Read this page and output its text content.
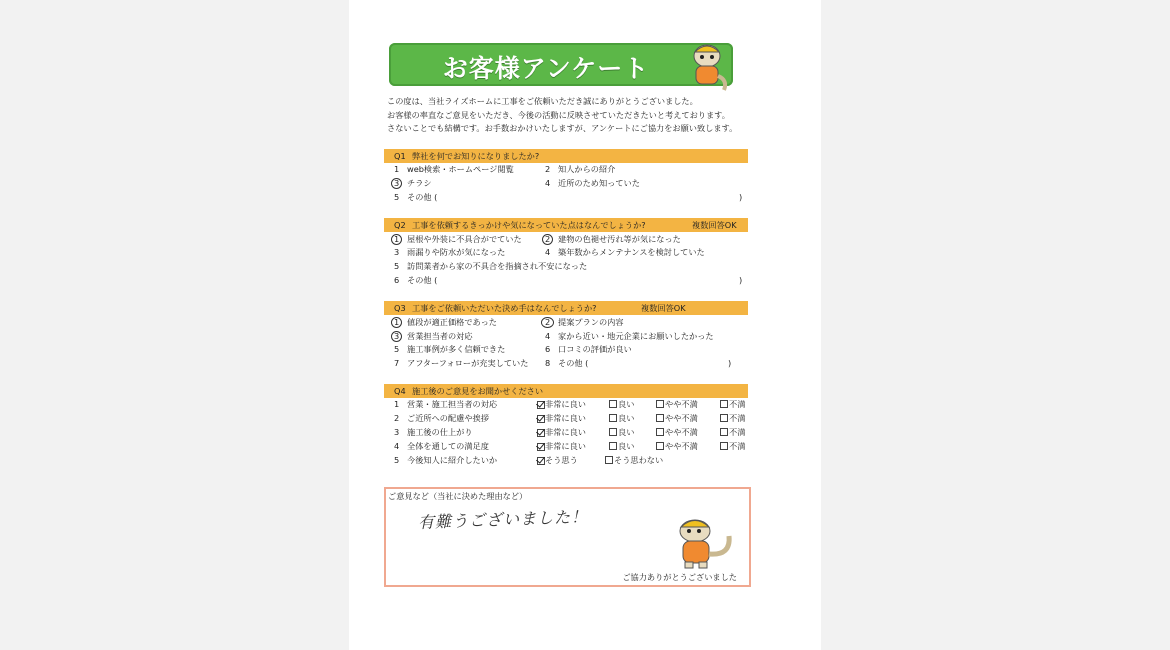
お客様アンケート
この度は、当社ライズホームに工事をご依頼いただき誠にありがとうございました。
お客様の率直なご意見をいただき、今後の活動に反映させていただきたいと考えております。
さないことでも結構です。お手数おかけいたしますが、アンケートにご協力をお願い致します。
Q1 弊社を何でお知りになりましたか?
1 web検索・ホームページ閲覧	2 知人からの紹介
3 チラシ	4 近所のため知っていた
5 その他 (	)
Q2 工事を依頼するきっかけや気になっていた点はなんでしょうか?	複数回答OK
1 屋根や外装に不具合がでていた	2 建物の色褪せ汚れ等が気になった
3 雨漏りや防水が気になった	4 築年数からメンテナンスを検討していた
5 訪問業者から家の不具合を指摘され不安になった
6 その他 (	)
Q3 工事をご依頼いただいた決め手はなんでしょうか?	複数回答OK
1 値段が適正価格であった	2 提案プランの内容
3 営業担当者の対応	4 家から近い・地元企業にお願いしたかった
5 施工事例が多く信頼できた	6 口コミの評価が良い
7 アフターフォローが充実していた 8 その他 (	)
Q4 施工後のご意見をお聞かせください
1 営業・施工担当者の対応	非常に良い	良い	やや不満	不満
2 ご近所への配慮や挨拶	非常に良い	良い	やや不満	不満
3 施工後の仕上がり	非常に良い	良い	やや不満	不満
4 全体を通しての満足度	非常に良い	良い	やや不満	不満
5 今後知人に紹介したいか	そう思う	そう思わない
ご意見など（当社に決めた理由など）
有難うございました！
ご協力ありがとうございました
